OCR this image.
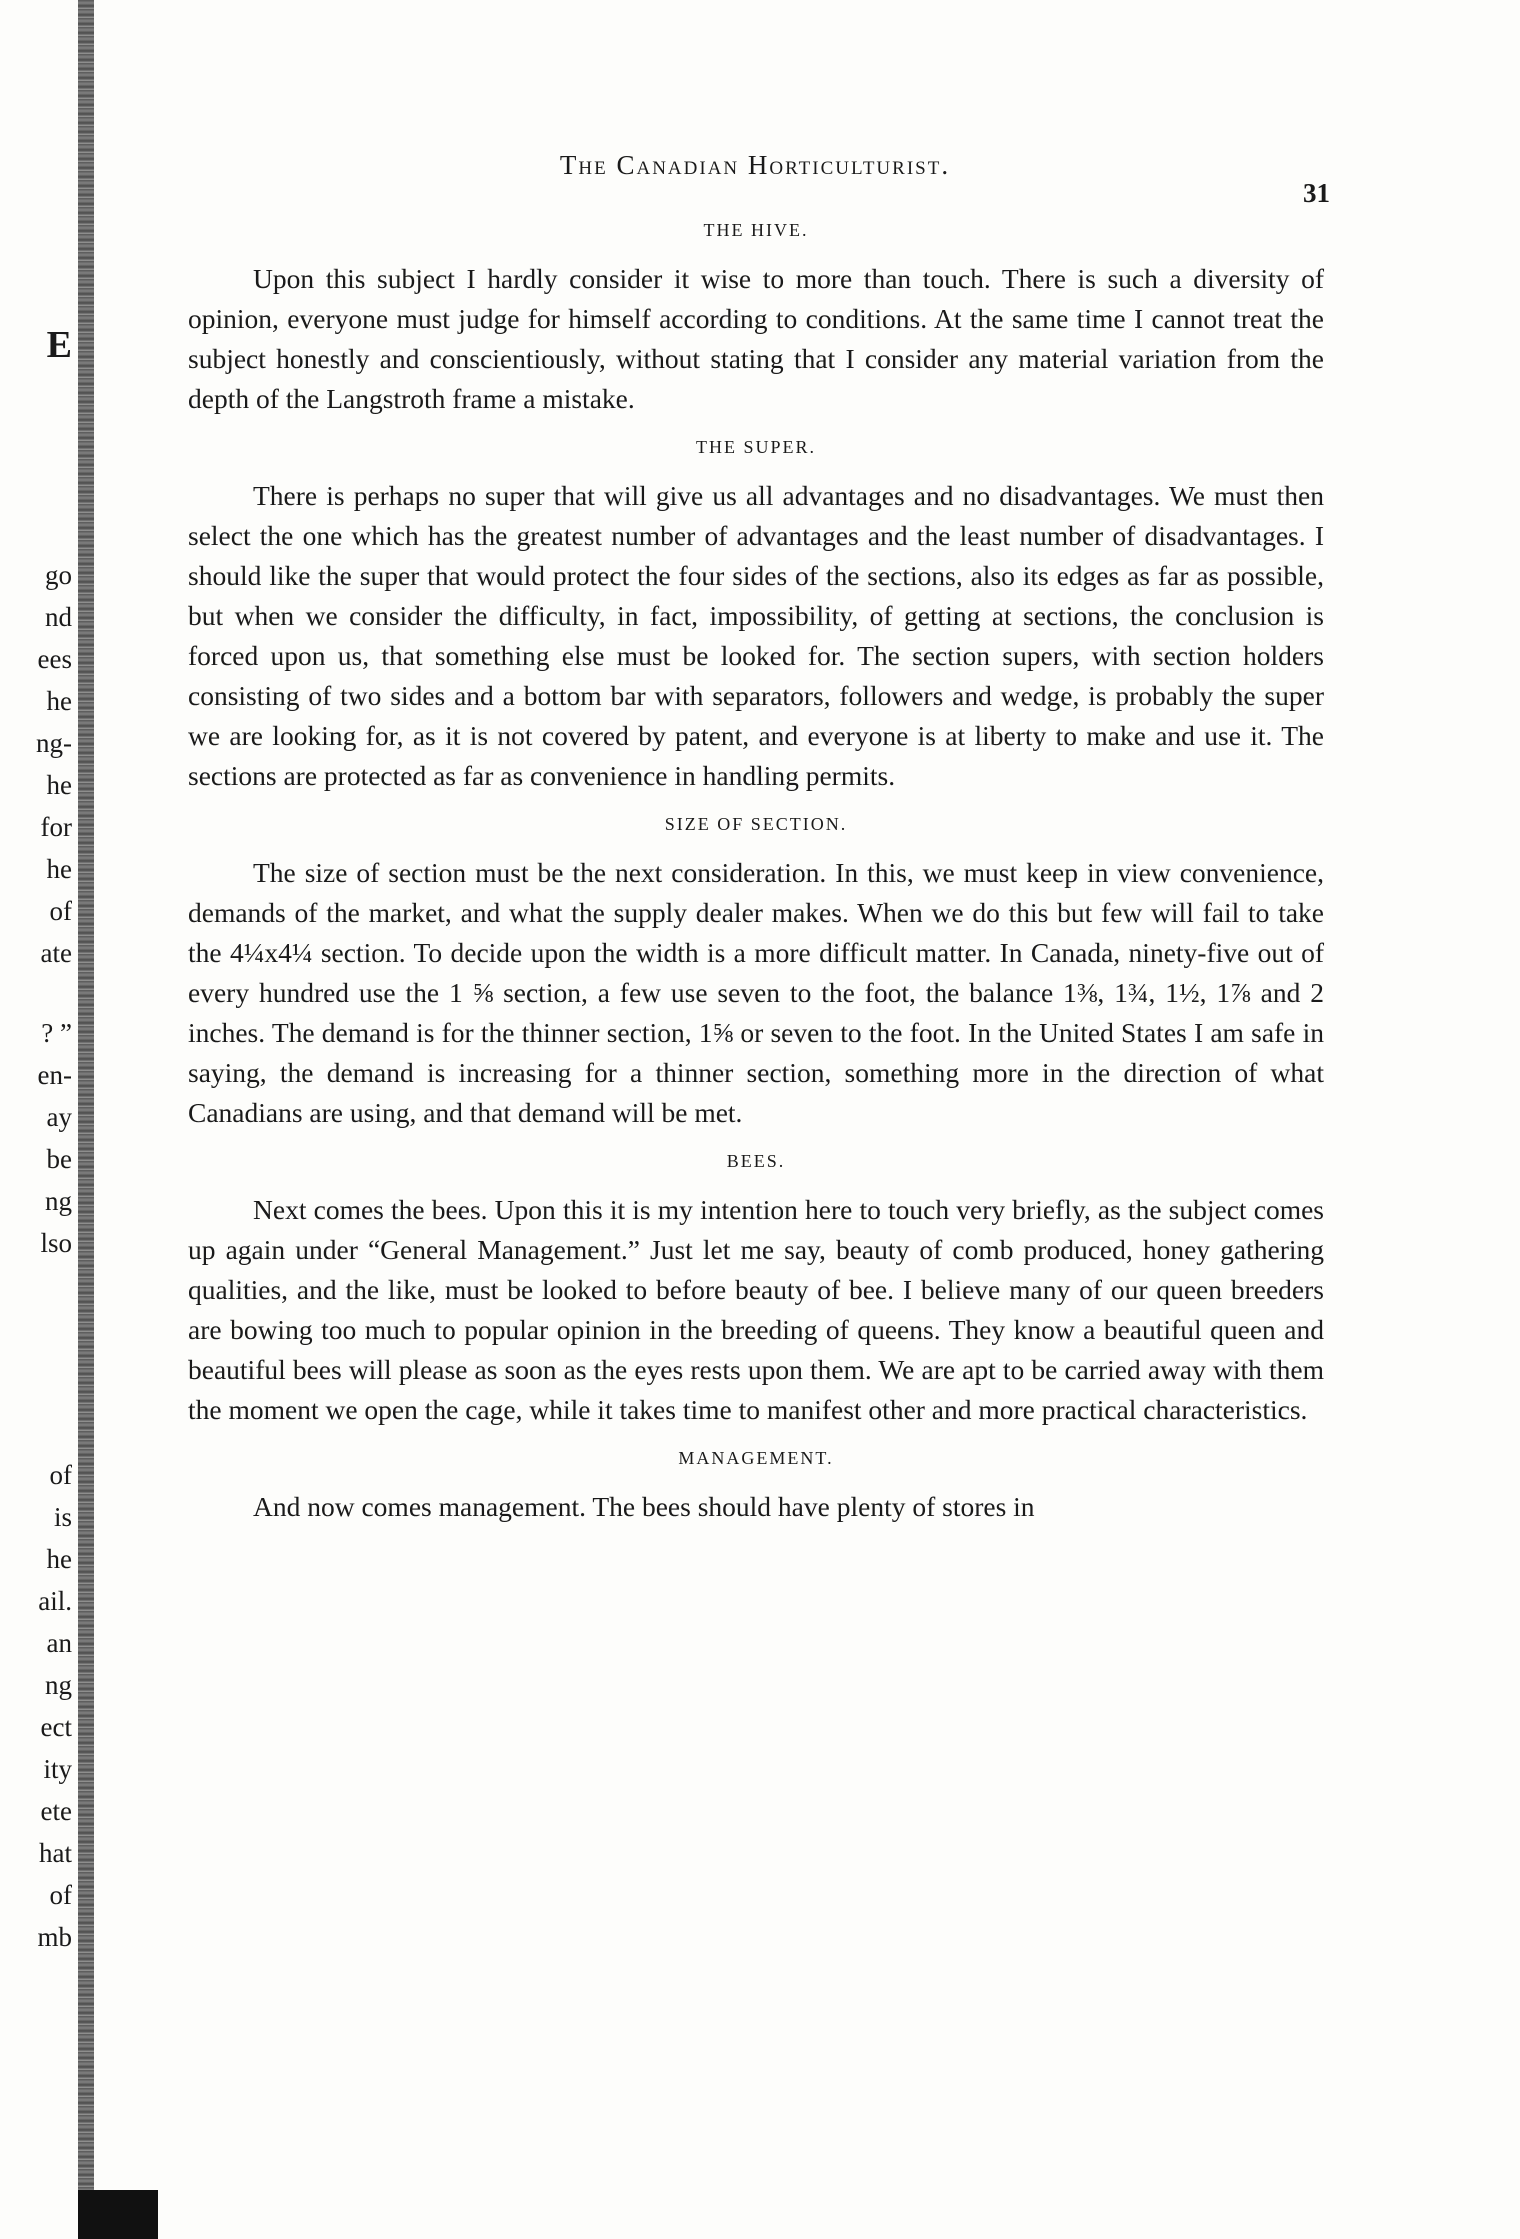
E
go
nd
ees
he
ng-
he
for
he
of
ate
? ”
en-
ay
be
ng
lso
of
is
he
ail.
an
ng
ect
ity
ete
hat
of
mb
The Canadian Horticulturist.
31
THE HIVE.

Upon this subject I hardly consider it wise to more than touch. There is such a diversity of opinion, everyone must judge for himself according to conditions. At the same time I cannot treat the subject honestly and conscientiously, without stating that I consider any material variation from the depth of the Langstroth frame a mistake.

THE SUPER.

There is perhaps no super that will give us all advantages and no disadvantages. We must then select the one which has the greatest number of advantages and the least number of disadvantages. I should like the super that would protect the four sides of the sections, also its edges as far as possible, but when we consider the difficulty, in fact, impossibility, of getting at sections, the conclusion is forced upon us, that something else must be looked for. The section supers, with section holders consisting of two sides and a bottom bar with separators, followers and wedge, is probably the super we are looking for, as it is not covered by patent, and everyone is at liberty to make and use it. The sections are protected as far as convenience in handling permits.

SIZE OF SECTION.

The size of section must be the next consideration. In this, we must keep in view convenience, demands of the market, and what the supply dealer makes. When we do this but few will fail to take the 4¼x4¼ section. To decide upon the width is a more difficult matter. In Canada, ninety-five out of every hundred use the 1 ⅝ section, a few use seven to the foot, the balance 1⅜, 1¾, 1½, 1⅞ and 2 inches. The demand is for the thinner section, 1⅝ or seven to the foot. In the United States I am safe in saying, the demand is increasing for a thinner section, something more in the direction of what Canadians are using, and that demand will be met.

BEES.

Next comes the bees. Upon this it is my intention here to touch very briefly, as the subject comes up again under “General Management.” Just let me say, beauty of comb produced, honey gathering qualities, and the like, must be looked to before beauty of bee. I believe many of our queen breeders are bowing too much to popular opinion in the breeding of queens. They know a beautiful queen and beautiful bees will please as soon as the eyes rests upon them. We are apt to be carried away with them the moment we open the cage, while it takes time to manifest other and more practical characteristics.

MANAGEMENT.

And now comes management. The bees should have plenty of stores in
